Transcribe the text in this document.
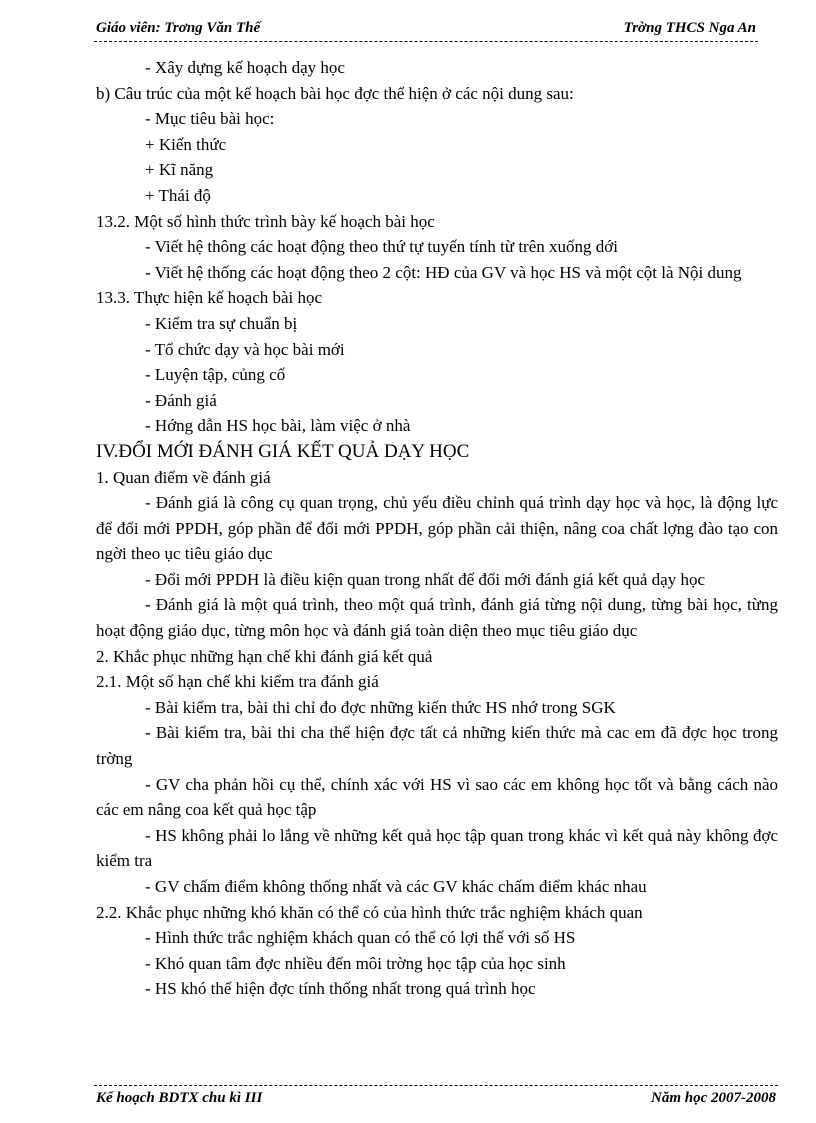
Giáo viên: Trơng Văn Thế	Trờng THCS Nga An
- Xây dựng kế hoạch dạy học
b) Câu trúc của một kế hoạch bài học đợc thể hiện ở các nội dung sau:
- Mục tiêu bài học:
+ Kiến thức
+ Kĩ năng
+ Thái độ
13.2. Một số hình thức trình bày kế hoạch bài học
- Viết hệ thông các hoạt động theo thứ tự tuyến tính từ trên xuống dới
- Viết hệ thống các hoạt động theo 2 cột: HĐ của GV và học HS và một cột là Nội dung
13.3. Thực hiện kế hoạch bài học
- Kiểm tra sự chuẩn bị
- Tổ chức dạy và học bài mới
- Luyện tập, củng cố
- Đánh giá
- Hớng dẫn HS học bài, làm việc ở nhà
IV.ĐỔI MỚI ĐÁNH GIÁ KẾT QUẢ DẠY HỌC
1. Quan điểm về đánh giá
- Đánh giá là công cụ quan trọng, chủ yếu điều chỉnh quá trình dạy học và học, là động lực để đổi mới PPDH, góp phần để đổi mới PPDH, góp phần cải thiện, nâng coa chất lợng đào tạo con ngời theo ục tiêu giáo dục
- Đổi mới PPDH là điều kiện quan trong nhất để đổi mới đánh giá kết quả dạy học
- Đánh giá là một quá trình, theo một quá trình, đánh giá từng nội dung, từng bài học, từng hoạt động giáo dục, từng môn học và đánh giá toàn diện theo mục tiêu giáo dục
2. Khắc phục những hạn chế khi đánh giá kết quả
2.1. Một số hạn chế khi kiểm tra đánh giá
- Bài kiểm tra, bài thi chỉ đo đợc những kiến thức HS nhớ trong SGK
- Bài kiểm tra, bài thi cha thể hiện đợc tất cả những kiến thức mà cac em đã đợc học trong trờng
- GV cha phản hồi cụ thể, chính xác với HS vì sao các em không học tốt và bằng cách nào các em nâng coa kết quả học tập
- HS không phải lo lắng về những kết quả học tập quan trong khác vì kết quả này không đợc kiểm tra
- GV chấm điểm không thống nhất và các GV khác chấm điểm khác nhau
2.2. Khắc phục những khó khăn có thể có của hình thức trắc nghiệm khách quan
- Hình thức trắc nghiệm khách quan có thể có lợi thế với số HS
- Khó quan tâm đợc nhiều đến môi trờng học tập của học sinh
- HS khó thể hiện đợc tính thống nhất trong quá trình học
Kế hoạch BDTX chu kì III	Năm học 2007-2008
